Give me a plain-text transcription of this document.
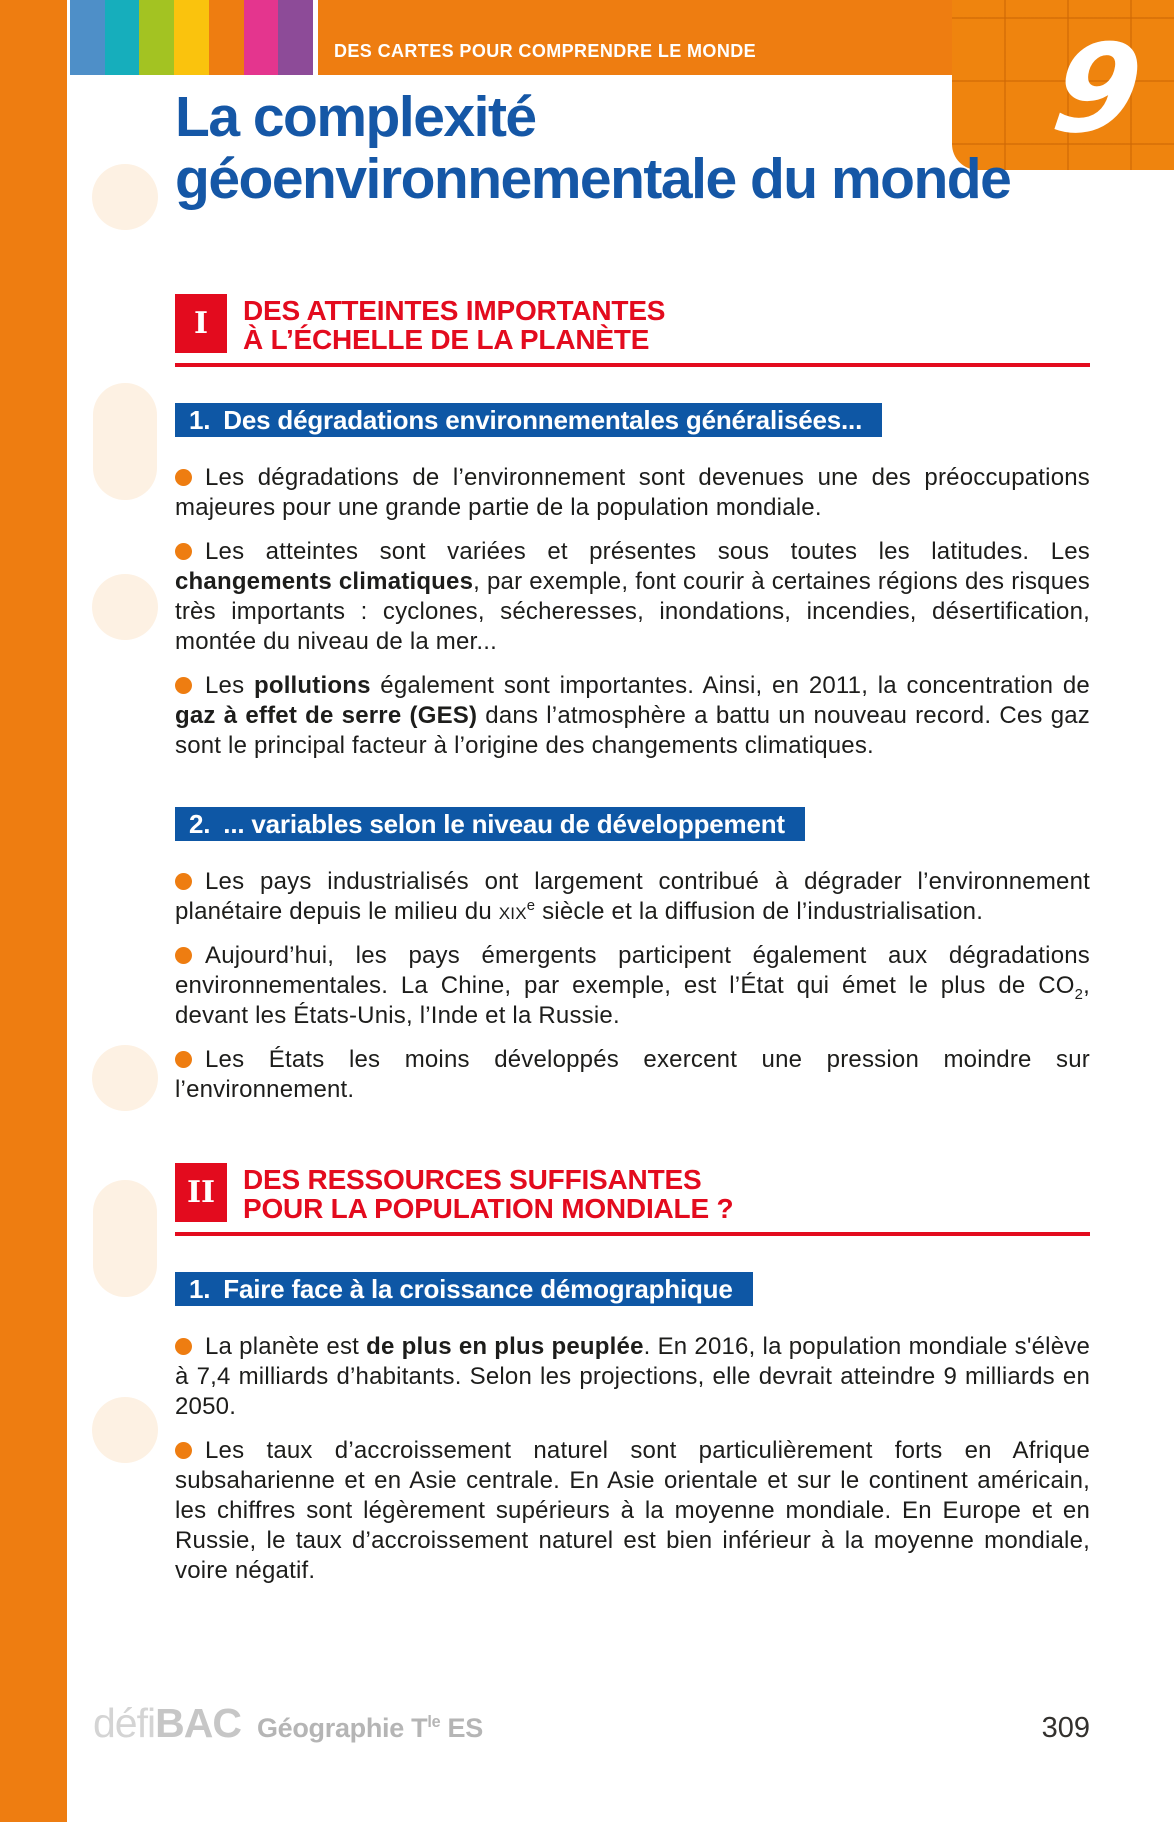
DES CARTES POUR COMPRENDRE LE MONDE 9
La complexité
géoenvironnementale du monde
I	DES ATTEINTES IMPORTANTES
À L’ÉCHELLE DE LA PLANÈTE
1. Des dégradations environnementales généralisées...

Les dégradations de l’environnement sont devenues une des préoccupations majeures pour une grande partie de la population mondiale.

Les atteintes sont variées et présentes sous toutes les latitudes. Les changements climatiques, par exemple, font courir à certaines régions des risques très importants : cyclones, sécheresses, inondations, incendies, désertification, montée du niveau de la mer...

Les pollutions également sont importantes. Ainsi, en 2011, la concentration de gaz à effet de serre (GES) dans l’atmosphère a battu un nouveau record. Ces gaz sont le principal facteur à l’origine des changements climatiques.

2. ... variables selon le niveau de développement

Les pays industrialisés ont largement contribué à dégrader l’environnement planétaire depuis le milieu du xix$^e$ siècle et la diffusion de l’industrialisation.

Aujourd’hui, les pays émergents participent également aux dégradations environnementales. La Chine, par exemple, est l’État qui émet le plus de $CO_2$, devant les États-Unis, l’Inde et la Russie.

Les États les moins développés exercent une pression moindre sur l’environnement.

II DES RESSOURCES SUFFISANTES
POUR LA POPULATION MONDIALE ?
1. Faire face à la croissance démographique

La planète est de plus en plus peuplée. En 2016, la population mondiale s'élève à 7,4 milliards d’habitants. Selon les projections, elle devrait atteindre 9 milliards en 2050.

Les taux d’accroissement naturel sont particulièrement forts en Afrique subsaharienne et en Asie centrale. En Asie orientale et sur le continent américain, les chiffres sont légèrement supérieurs à la moyenne mondiale. En Europe et en Russie, le taux d’accroissement naturel est bien inférieur à la moyenne mondiale, voire négatif.

défi BAC Géographie $T^{le}$ ES	309
